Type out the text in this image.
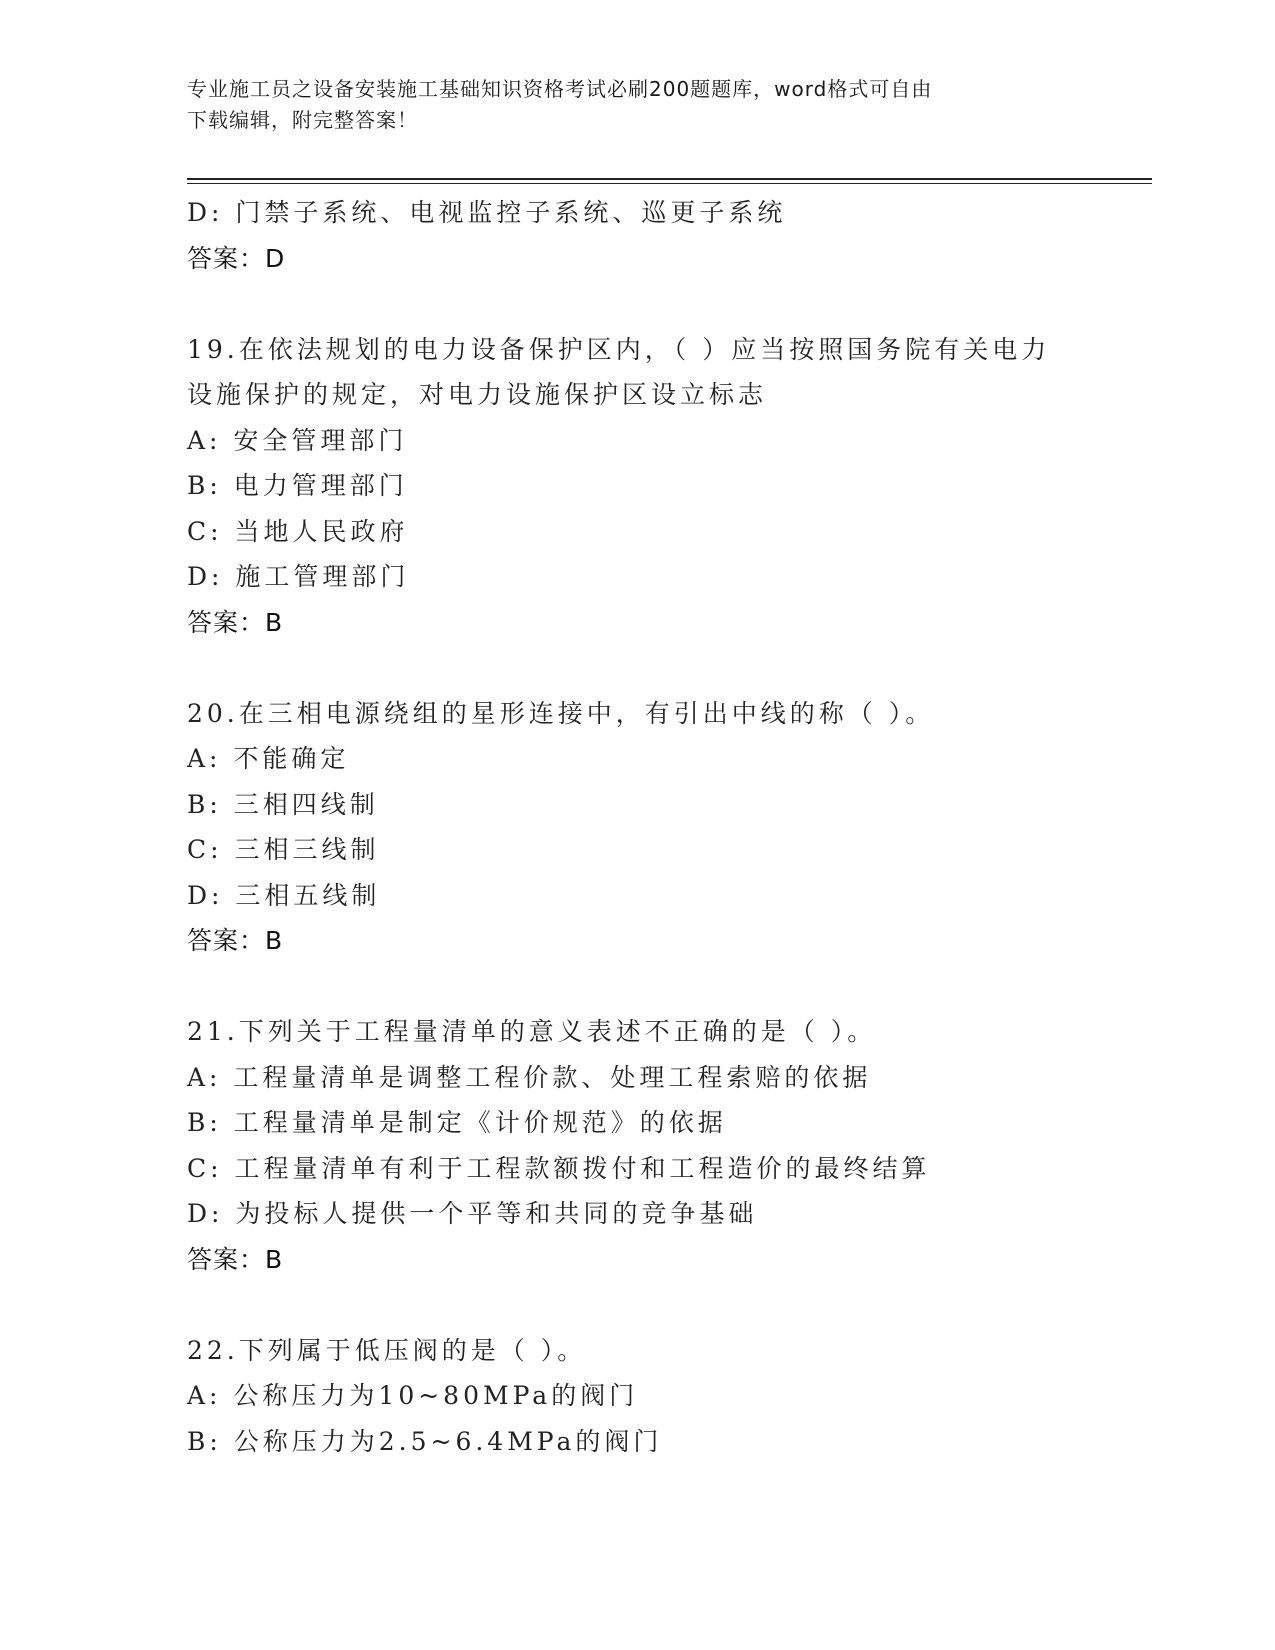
专业施工员之设备安装施工基础知识资格考试必刷200题题库，word格式可自由
下载编辑，附完整答案！
D: 门禁子系统、电视监控子系统、巡更子系统
答案：D
19.在依法规划的电力设备保护区内，（ ）应当按照国务院有关电力
设施保护的规定，对电力设施保护区设立标志
A: 安全管理部门
B: 电力管理部门
C: 当地人民政府
D: 施工管理部门
答案：B
20.在三相电源绕组的星形连接中，有引出中线的称（ ）。
A: 不能确定
B: 三相四线制
C: 三相三线制
D: 三相五线制
答案：B
21.下列关于工程量清单的意义表述不正确的是（ ）。
A: 工程量清单是调整工程价款、处理工程索赔的依据
B: 工程量清单是制定《计价规范》的依据
C: 工程量清单有利于工程款额拨付和工程造价的最终结算
D: 为投标人提供一个平等和共同的竞争基础
答案：B
22.下列属于低压阀的是（ ）。
A: 公称压力为10~80MPa的阀门
B: 公称压力为2.5~6.4MPa的阀门
